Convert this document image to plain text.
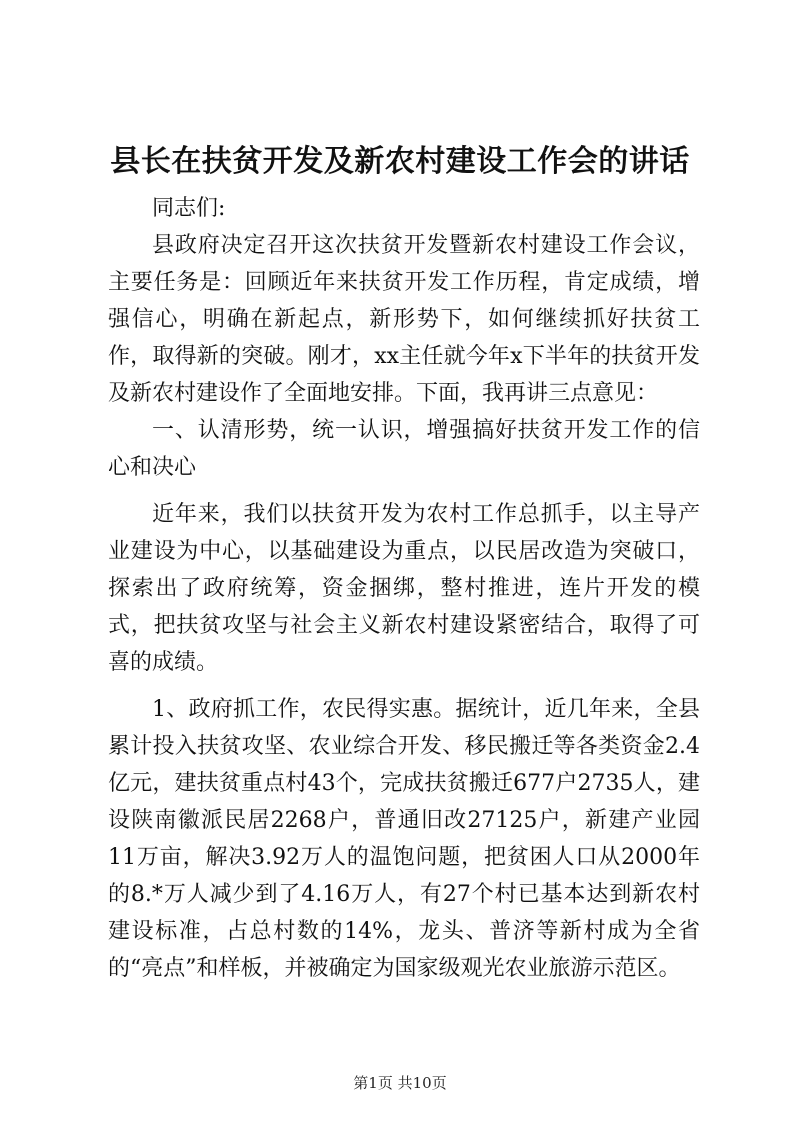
县长在扶贫开发及新农村建设工作会的讲话

同志们:

县政府决定召开这次扶贫开发暨新农村建设工作会议，主要任务是：回顾近年来扶贫开发工作历程，肯定成绩，增强信心，明确在新起点，新形势下，如何继续抓好扶贫工作，取得新的突破。刚才，xx主任就今年x下半年的扶贫开发及新农村建设作了全面地安排。下面，我再讲三点意见：

一、认清形势，统一认识，增强搞好扶贫开发工作的信心和决心

近年来，我们以扶贫开发为农村工作总抓手，以主导产业建设为中心，以基础建设为重点，以民居改造为突破口，探索出了政府统筹，资金捆绑，整村推进，连片开发的模式，把扶贫攻坚与社会主义新农村建设紧密结合，取得了可喜的成绩。

1、政府抓工作，农民得实惠。据统计，近几年来，全县累计投入扶贫攻坚、农业综合开发、移民搬迁等各类资金2.4亿元，建扶贫重点村43个，完成扶贫搬迁677户2735人，建设陕南徽派民居2268户，普通旧改27125户，新建产业园11万亩，解决3.92万人的温饱问题，把贫困人口从2000年的8.*万人减少到了4.16万人，有27个村已基本达到新农村建设标准，占总村数的14%，龙头、普济等新村成为全省的“亮点”和样板，并被确定为国家级观光农业旅游示范区。

第1页 共10页
